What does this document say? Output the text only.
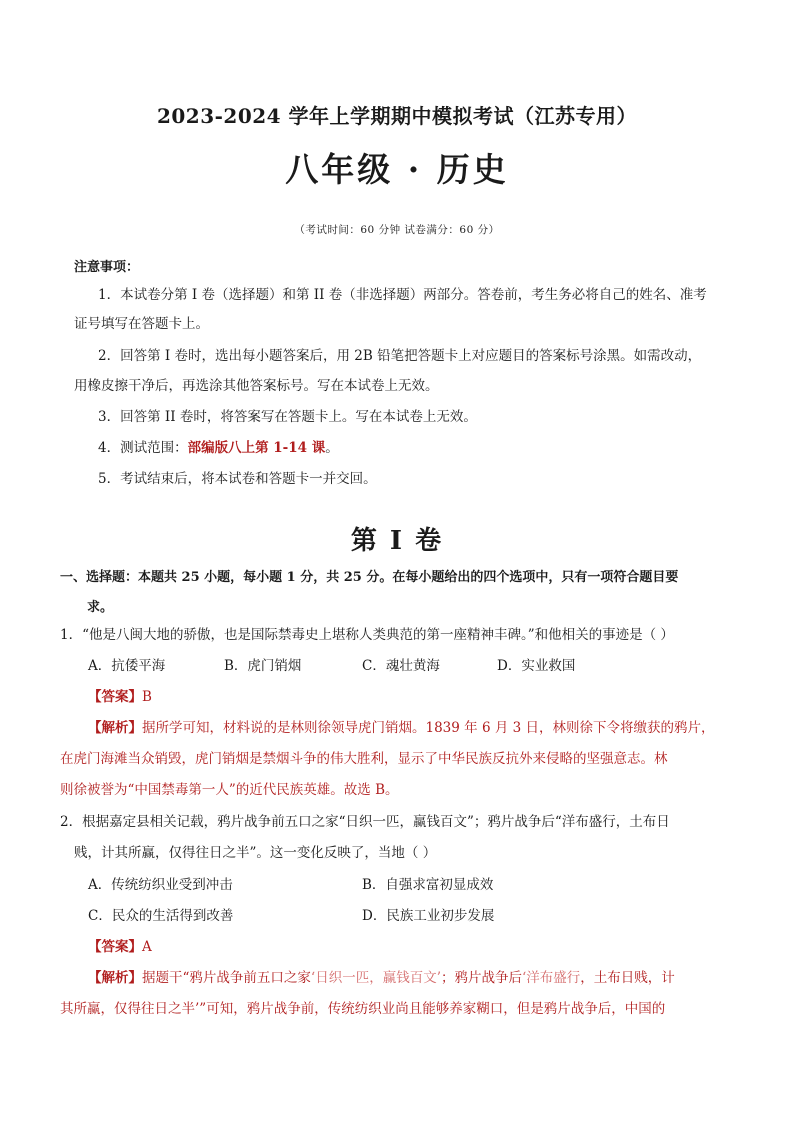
2023-2024 学年上学期期中模拟考试（江苏专用）
八年级 · 历史
（考试时间：60 分钟 试卷满分：60 分）
注意事项：
1．本试卷分第 I 卷（选择题）和第 II 卷（非选择题）两部分。答卷前，考生务必将自己的姓名、准考
证号填写在答题卡上。
2．回答第 I 卷时，选出每小题答案后，用 2B 铅笔把答题卡上对应题目的答案标号涂黑。如需改动，
用橡皮擦干净后，再选涂其他答案标号。写在本试卷上无效。
3．回答第 II 卷时，将答案写在答题卡上。写在本试卷上无效。
4．测试范围：部编版八上第 1-14 课。
5．考试结束后，将本试卷和答题卡一并交回。
第 I 卷
一、选择题：本题共 25 小题，每小题 1 分，共 25 分。在每小题给出的四个选项中，只有一项符合题目要
求。
1．“他是八闽大地的骄傲，也是国际禁毒史上堪称人类典范的第一座精神丰碑。”和他相关的事迹是（ ）
A．抗倭平海	B．虎门销烟	C．魂壮黄海	D．实业救国
【答案】B
【解析】据所学可知，材料说的是林则徐领导虎门销烟。1839 年 6 月 3 日，林则徐下令将缴获的鸦片，
在虎门海滩当众销毁，虎门销烟是禁烟斗争的伟大胜利，显示了中华民族反抗外来侵略的坚强意志。林
则徐被誉为“中国禁毒第一人”的近代民族英雄。故选 B。
2．根据嘉定县相关记载，鸦片战争前五口之家“日织一匹，赢钱百文”；鸦片战争后“洋布盛行，土布日
贱，计其所赢，仅得往日之半”。这一变化反映了，当地（ ）
A．传统纺织业受到冲击	B．自强求富初显成效
C．民众的生活得到改善	D．民族工业初步发展
【答案】A
【解析】据题干“鸦片战争前五口之家‘日织一匹，赢钱百文’；鸦片战争后‘洋布盛行，土布日贱，计
其所赢，仅得往日之半’”可知，鸦片战争前，传统纺织业尚且能够养家糊口，但是鸦片战争后，中国的
